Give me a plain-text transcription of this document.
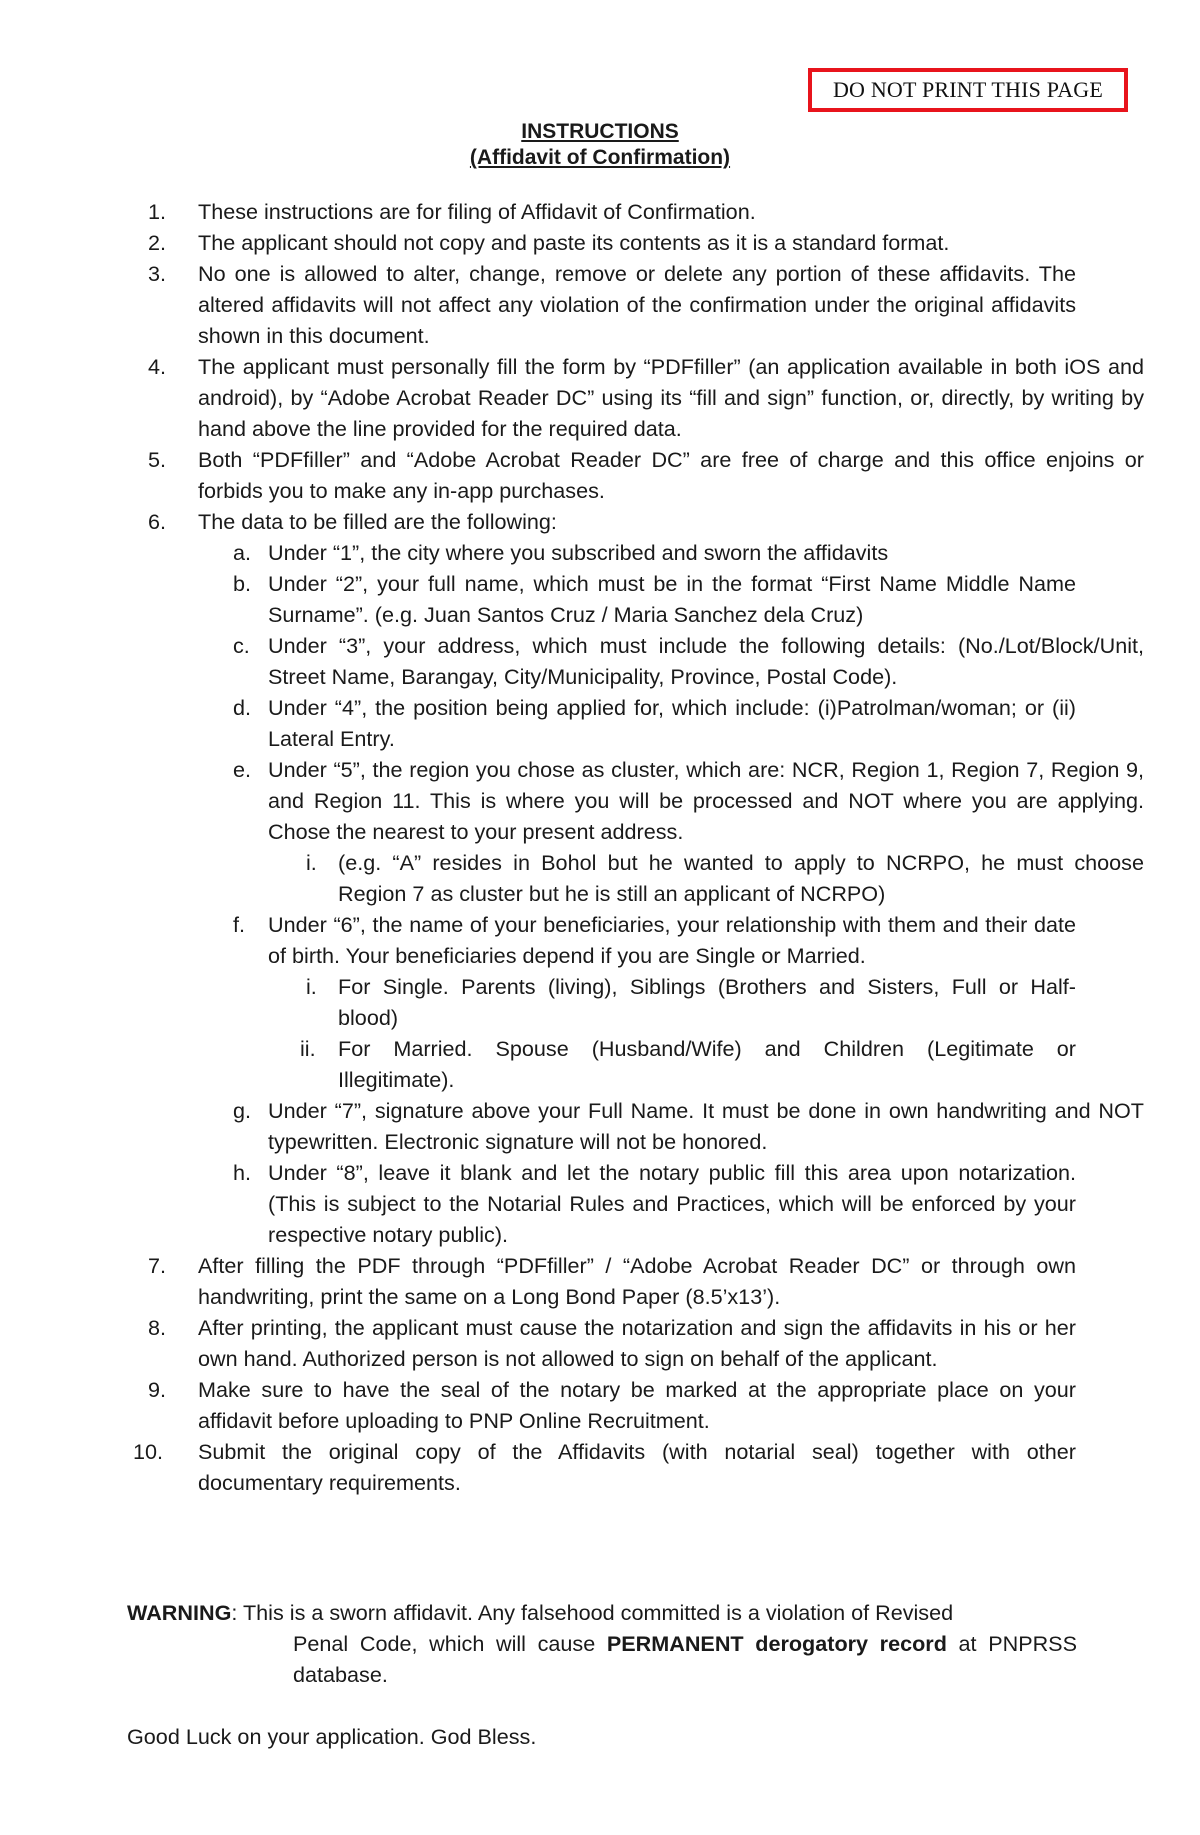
DO NOT PRINT THIS PAGE
INSTRUCTIONS
(Affidavit of Confirmation)
1.	These instructions are for filing of Affidavit of Confirmation.
2.	The applicant should not copy and paste its contents as it is a standard format.
3.	No one is allowed to alter, change, remove or delete any portion of these affidavits. The altered affidavits will not affect any violation of the confirmation under the original affidavits shown in this document.
4.	The applicant must personally fill the form by “PDFfiller” (an application available in both iOS and android), by “Adobe Acrobat Reader DC” using its “fill and sign” function, or, directly, by writing by hand above the line provided for the required data.
5.	Both “PDFfiller” and “Adobe Acrobat Reader DC” are free of charge and this office enjoins or forbids you to make any in-app purchases.
6.	The data to be filled are the following:
a. Under “1”, the city where you subscribed and sworn the affidavits
b. Under “2”, your full name, which must be in the format “First Name Middle Name Surname”. (e.g. Juan Santos Cruz / Maria Sanchez dela Cruz)
c. Under “3”, your address, which must include the following details: (No./Lot/Block/Unit, Street Name, Barangay, City/Municipality, Province, Postal Code).
d. Under “4”, the position being applied for, which include: (i)Patrolman/woman; or (ii) Lateral Entry.
e. Under “5”, the region you chose as cluster, which are: NCR, Region 1, Region 7, Region 9, and Region 11. This is where you will be processed and NOT where you are applying. Chose the nearest to your present address.
i. (e.g. “A” resides in Bohol but he wanted to apply to NCRPO, he must choose Region 7 as cluster but he is still an applicant of NCRPO)
f. Under “6”, the name of your beneficiaries, your relationship with them and their date of birth. Your beneficiaries depend if you are Single or Married.
i. For Single. Parents (living), Siblings (Brothers and Sisters, Full or Half- blood)
ii. For Married. Spouse (Husband/Wife) and Children (Legitimate or Illegitimate).
g. Under “7”, signature above your Full Name. It must be done in own handwriting and NOT typewritten. Electronic signature will not be honored.
h. Under “8”, leave it blank and let the notary public fill this area upon notarization. (This is subject to the Notarial Rules and Practices, which will be enforced by your respective notary public).
7.	After filling the PDF through “PDFfiller” / “Adobe Acrobat Reader DC” or through own handwriting, print the same on a Long Bond Paper (8.5’x13’).
8.	After printing, the applicant must cause the notarization and sign the affidavits in his or her own hand. Authorized person is not allowed to sign on behalf of the applicant.
9.	Make sure to have the seal of the notary be marked at the appropriate place on your affidavit before uploading to PNP Online Recruitment.
10.	Submit the original copy of the Affidavits (with notarial seal) together with other documentary requirements.
WARNING: This is a sworn affidavit. Any falsehood committed is a violation of Revised
Penal Code, which will cause PERMANENT derogatory record at PNPRSS database.
Good Luck on your application. God Bless.
